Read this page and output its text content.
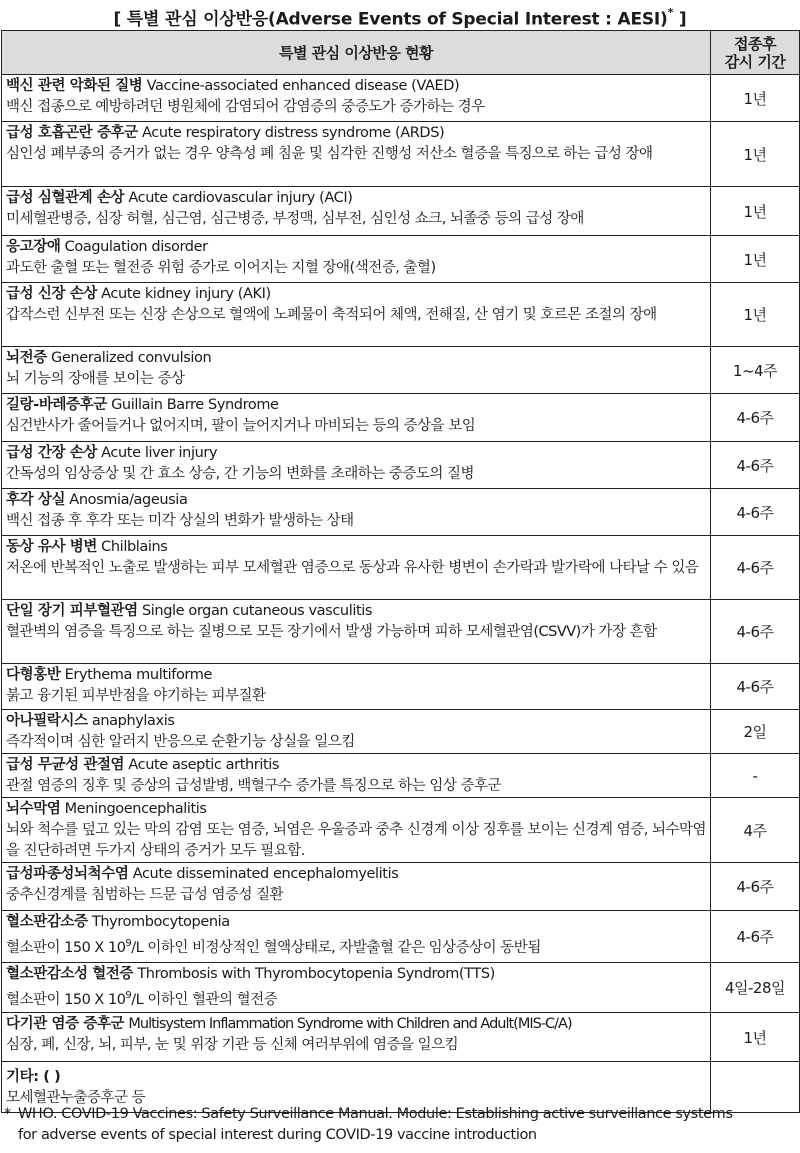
[ 특별 관심 이상반응(Adverse Events of Special Interest : AESI)* ]
특별 관심 이상반응 현황	접종후
감시 기간

백신 관련 악화된 질병 Vaccine-associated enhanced disease (VAED)
백신 접종으로 예방하려던 병원체에 감염되어 감염증의 중증도가 증가하는 경우	1년

급성 호흡곤란 증후군 Acute respiratory distress syndrome (ARDS)
심인성 폐부종의 증거가 없는 경우 양측성 폐 침윤 및 심각한 진행성 저산소 혈증을 특징으로 하는 급성 장애	1년

급성 심혈관계 손상 Acute cardiovascular injury (ACI)
미세혈관병증, 심장 허혈, 심근염, 심근병증, 부정맥, 심부전, 심인성 쇼크, 뇌졸중 등의 급성 장애	1년

응고장애 Coagulation disorder
과도한 출혈 또는 혈전증 위험 증가로 이어지는 지혈 장애(색전증, 출혈)	1년

급성 신장 손상 Acute kidney injury (AKI)
갑작스런 신부전 또는 신장 손상으로 혈액에 노폐물이 축적되어 체액, 전해질, 산 염기 및 호르몬 조절의 장애	1년

뇌전증 Generalized convulsion
뇌 기능의 장애를 보이는 증상	1~4주

길랑-바레증후군 Guillain Barre Syndrome
심건반사가 줄어들거나 없어지며, 팔이 늘어지거나 마비되는 등의 증상을 보임	4-6주

급성 간장 손상 Acute liver injury
간독성의 임상증상 및 간 효소 상승, 간 기능의 변화를 초래하는 중증도의 질병	4-6주

후각 상실 Anosmia/ageusia
백신 접종 후 후각 또는 미각 상실의 변화가 발생하는 상태	4-6주

동상 유사 병변 Chilblains
저온에 반복적인 노출로 발생하는 피부 모세혈관 염증으로 동상과 유사한 병변이 손가락과 발가락에 나타날 수 있음	4-6주

단일 장기 피부혈관염 Single organ cutaneous vasculitis
혈관벽의 염증을 특징으로 하는 질병으로 모든 장기에서 발생 가능하며 피하 모세혈관염(CSVV)가 가장 흔함	4-6주

다형홍반 Erythema multiforme
붉고 융기된 피부반점을 야기하는 피부질환	4-6주

아나필락시스 anaphylaxis
즉각적이며 심한 알러지 반응으로 순환기능 상실을 일으킴	2일

급성 무균성 관절염 Acute aseptic arthritis
관절 염증의 징후 및 증상의 급성발병, 백혈구수 증가를 특징으로 하는 임상 증후군	-

뇌수막염 Meningoencephalitis
뇌와 척수를 덮고 있는 막의 감염 또는 염증, 뇌염은 우울증과 중추 신경계 이상 징후를 보이는 신경계 염증, 뇌수막염을 진단하려면 두가지 상태의 증거가 모두 필요함.	4주

급성파종성뇌척수염 Acute disseminated encephalomyelitis
중추신경계를 침범하는 드문 급성 염증성 질환	4-6주

혈소판감소증 Thyrombocytopenia
혈소판이 150 X $10^9/L$ 이하인 비정상적인 혈액상태로, 자발출혈 같은 임상증상이 동반됨	4-6주

혈소판감소성 혈전증 Thrombosis with Thyrombocytopenia Syndrom(TTS)
혈소판이 150 X $10^9/L$ 이하인 혈관의 혈전증	4일-28일

다기관 염증 증후군 Multisystem Inflammation Syndrome with Children and Adult(MIS-C/A)
심장, 폐, 신장, 뇌, 피부, 눈 및 위장 기관 등 신체 여러부위에 염증을 일으킴	1년

기타: ( )
모세혈관누출증후군 등	

* WHO. COVID-19 Vaccines: Safety Surveillance Manual. Module: Establishing active surveillance systems
for adverse events of special interest during COVID-19 vaccine introduction
